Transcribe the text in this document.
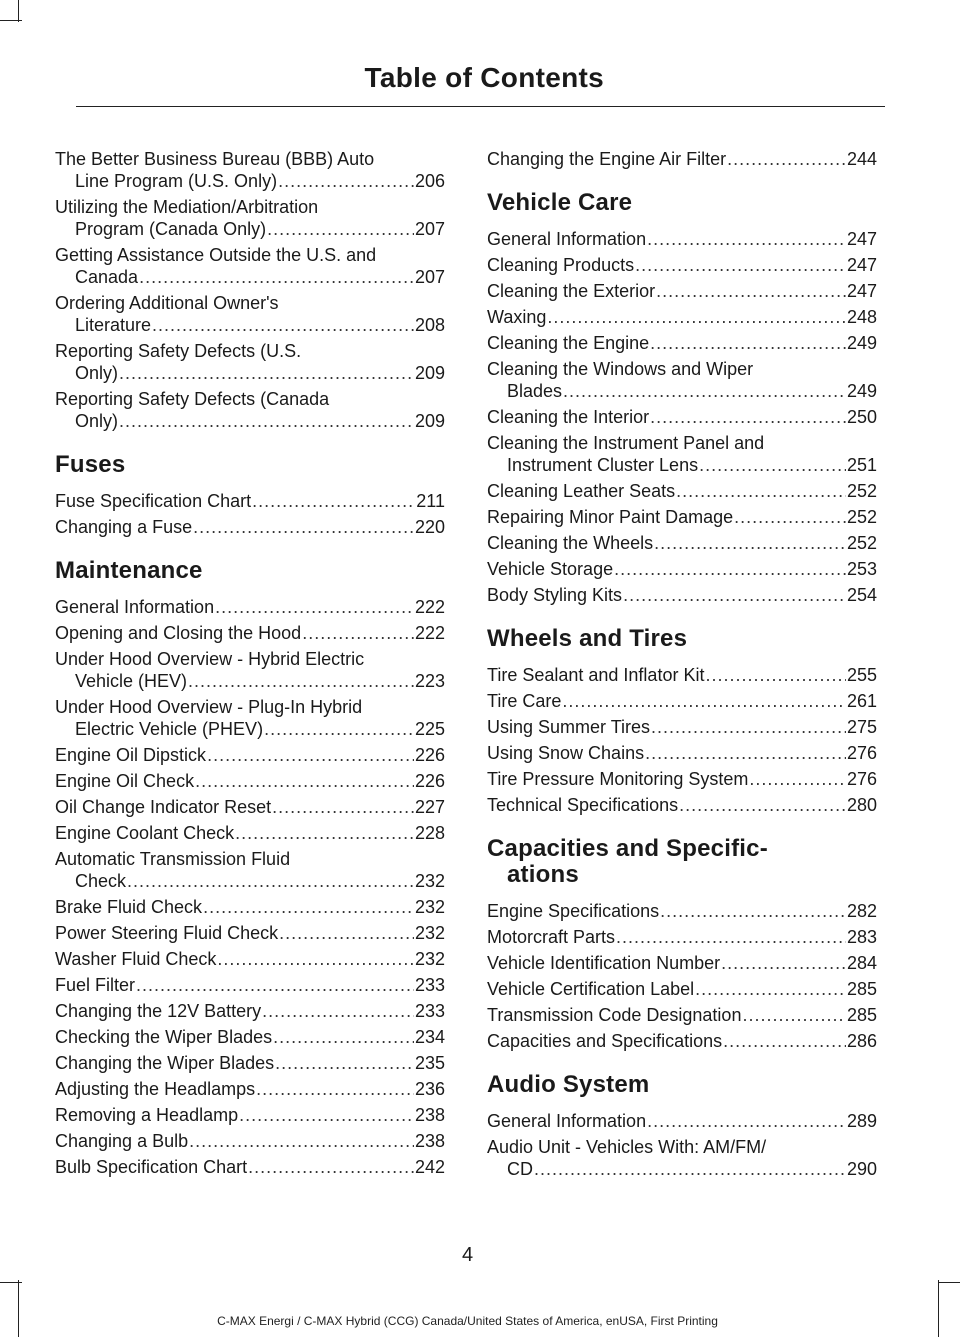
Table of Contents
The Better Business Bureau (BBB) Auto
Line Program (U.S. Only) .....	206
Utilizing the Mediation/Arbitration
Program (Canada Only) .....	207
Getting Assistance Outside the U.S. and
Canada .....	207
Ordering Additional Owner's
Literature .....	208
Reporting Safety Defects (U.S.
Only) .....	209
Reporting Safety Defects (Canada
Only) .....	209
Fuses
Fuse Specification Chart .....	211
Changing a Fuse .....	220
Maintenance
General Information .....	222
Opening and Closing the Hood .....	222
Under Hood Overview - Hybrid Electric
Vehicle (HEV) .....	223
Under Hood Overview - Plug-In Hybrid
Electric Vehicle (PHEV) .....	225
Engine Oil Dipstick .....	226
Engine Oil Check .....	226
Oil Change Indicator Reset .....	227
Engine Coolant Check .....	228
Automatic Transmission Fluid
Check .....	232
Brake Fluid Check .....	232
Power Steering Fluid Check .....	232
Washer Fluid Check .....	232
Fuel Filter .....	233
Changing the 12V Battery .....	233
Checking the Wiper Blades .....	234
Changing the Wiper Blades .....	235
Adjusting the Headlamps .....	236
Removing a Headlamp .....	238
Changing a Bulb .....	238
Bulb Specification Chart .....	242
Changing the Engine Air Filter .....	244
Vehicle Care
General Information .....	247
Cleaning Products .....	247
Cleaning the Exterior .....	247
Waxing .....	248
Cleaning the Engine .....	249
Cleaning the Windows and Wiper
Blades .....	249
Cleaning the Interior .....	250
Cleaning the Instrument Panel and
Instrument Cluster Lens .....	251
Cleaning Leather Seats .....	252
Repairing Minor Paint Damage .....	252
Cleaning the Wheels .....	252
Vehicle Storage .....	253
Body Styling Kits .....	254
Wheels and Tires
Tire Sealant and Inflator Kit .....	255
Tire Care .....	261
Using Summer Tires .....	275
Using Snow Chains .....	276
Tire Pressure Monitoring System .....	276
Technical Specifications .....	280
Capacities and Specific-
ations
Engine Specifications .....	282
Motorcraft Parts .....	283
Vehicle Identification Number .....	284
Vehicle Certification Label .....	285
Transmission Code Designation .....	285
Capacities and Specifications .....	286
Audio System
General Information .....	289
Audio Unit - Vehicles With: AM/FM/
CD .....	290
4
C-MAX Energi / C-MAX Hybrid (CCG) Canada/United States of America, enUSA, First Printing
